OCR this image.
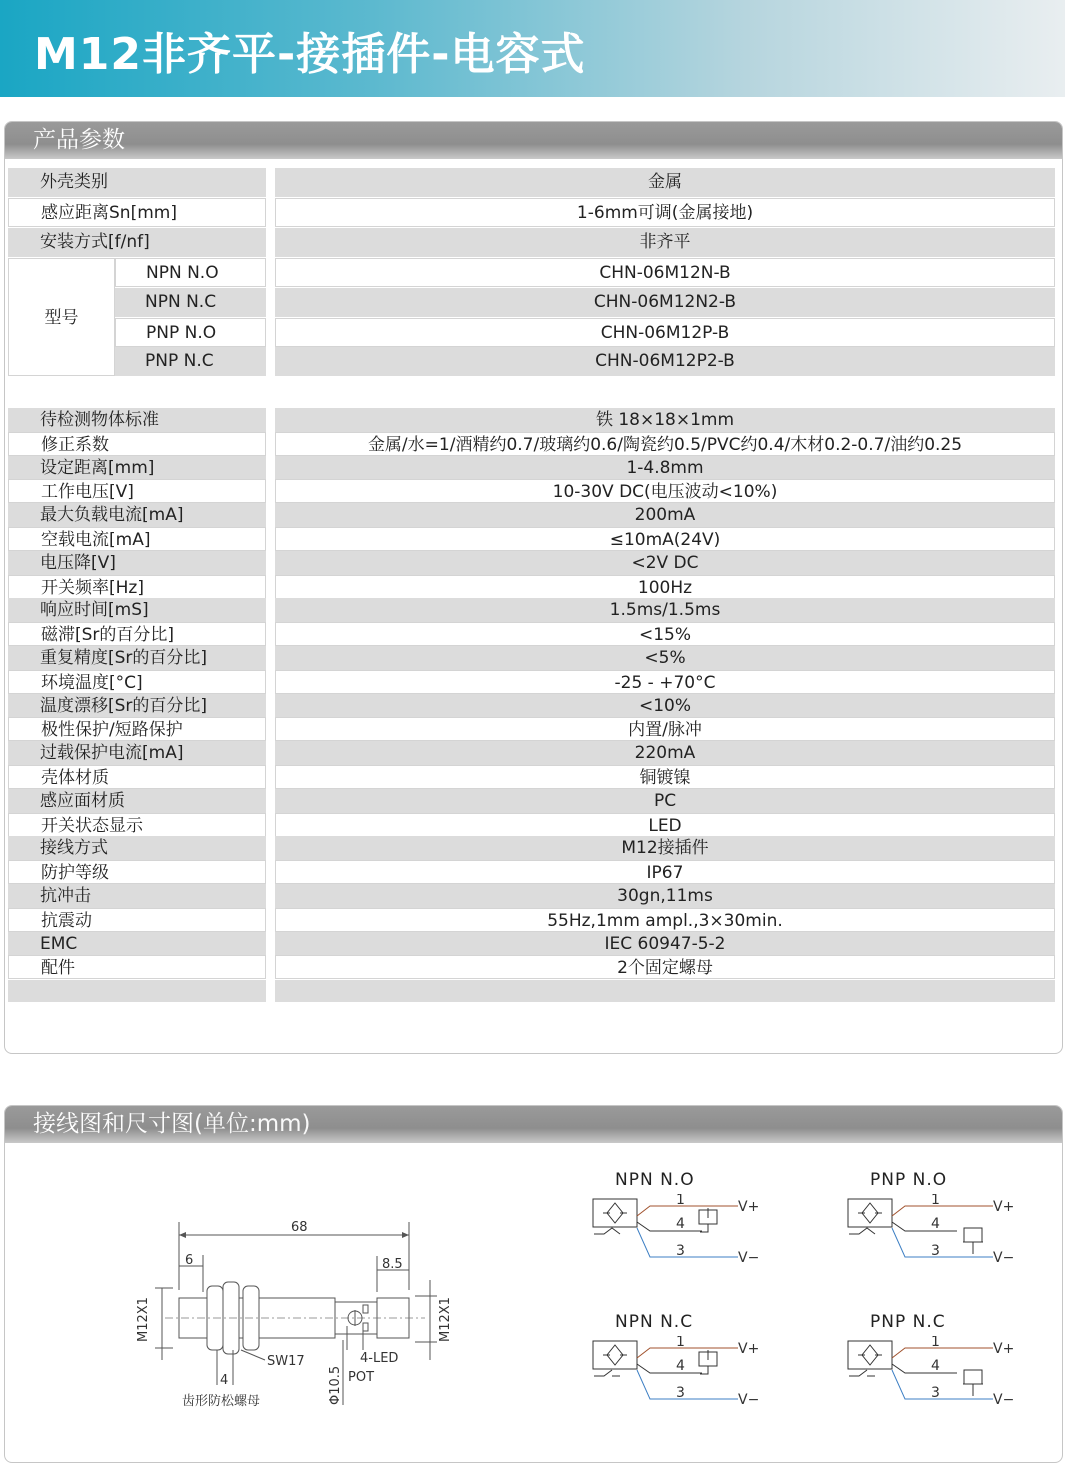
M12非齐平-接插件-电容式
产品参数
外壳类别	金属
感应距离Sn[mm]	1-6mm可调(金属接地)
安装方式[f/nf]	非齐平
型号
NPN N.O	CHN-06M12N-B
NPN N.C	CHN-06M12N2-B
PNP N.O	CHN-06M12P-B
PNP N.C	CHN-06M12P2-B
待检测物体标准	铁 18×18×1mm
修正系数	金属/水=1/酒精约0.7/玻璃约0.6/陶瓷约0.5/PVC约0.4/木材0.2-0.7/油约0.25
设定距离[mm]	1-4.8mm
工作电压[V]	10-30V DC(电压波动<10%)
最大负载电流[mA]	200mA
空载电流[mA]	≤10mA(24V)
电压降[V]	<2V DC
开关频率[Hz]	100Hz
响应时间[mS]	1.5ms/1.5ms
磁滞[Sr的百分比]	<15%
重复精度[Sr的百分比]	<5%
环境温度[°C]	-25 - +70°C
温度漂移[Sr的百分比]	<10%
极性保护/短路保护	内置/脉冲
过载保护电流[mA]	220mA
壳体材质	铜镀镍
感应面材质	PC
开关状态显示	LED
接线方式	M12接插件
防护等级	IP67
抗冲击	30gn,11ms
抗震动	55Hz,1mm ampl.,3×30min.
EMC	IEC 60947-5-2
配件	2个固定螺母
接线图和尺寸图(单位:mm)
68
6	8.5
M12X1	M12X1
SW17
4
4-LED
POT
Φ10.5
齿形防松螺母
NPN N.O
1
4
3
V+
V−
PNP N.O
1
4
3
V+
V−
NPN N.C
1
4
3
V+
V−
PNP N.C
1
4
3
V+
V−
